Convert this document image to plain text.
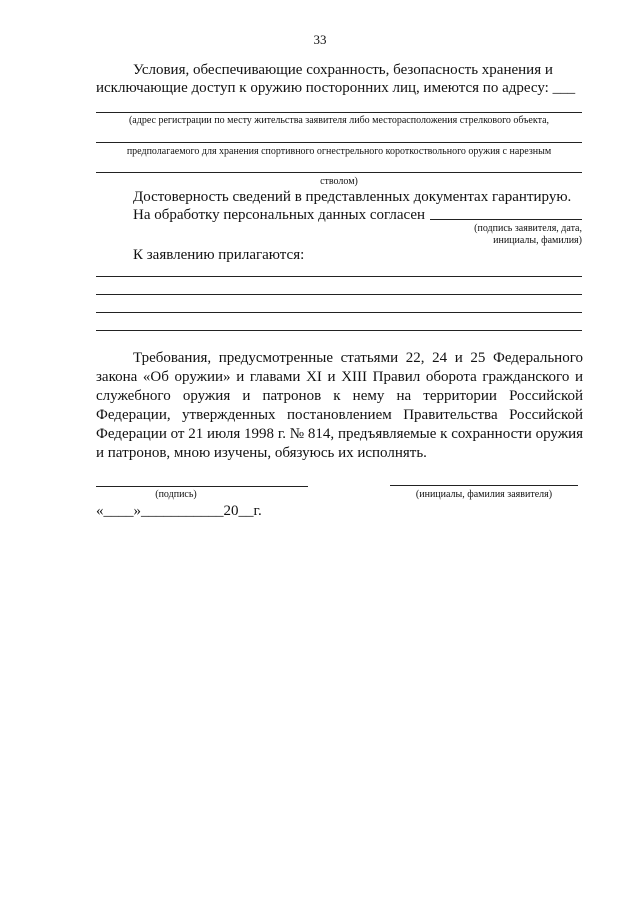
33
Условия, обеспечивающие сохранность, безопасность хранения и
исключающие доступ к оружию посторонних лиц, имеются по адресу: ___
(адрес регистрации по месту жительства заявителя либо месторасположения стрелкового объекта,
предполагаемого для хранения спортивного огнестрельного короткоствольного оружия с нарезным
стволом)
Достоверность сведений в представленных документах гарантирую.
На обработку персональных данных согласен
(подпись заявителя, дата,
инициалы, фамилия)
К заявлению прилагаются:
Требования, предусмотренные статьями 22, 24 и 25 Федерального закона «Об оружии» и главами XI и XIII Правил оборота гражданского и служебного оружия и патронов к нему на территории Российской Федерации, утвержденных постановлением Правительства Российской Федерации от 21 июля 1998 г. № 814, предъявляемые к сохранности оружия и патронов, мною изучены, обязуюсь их исполнять.
(подпись)	(инициалы, фамилия заявителя)
«____»___________20__г.
